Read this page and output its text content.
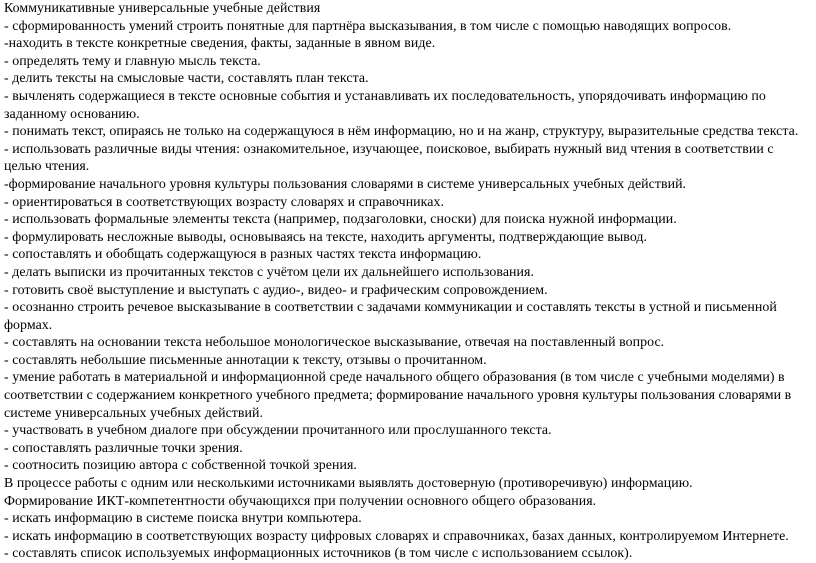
Коммуникативные универсальные учебные действия

- сформированность умений строить понятные для партнёра высказывания, в том числе с помощью наводящих вопросов.

-находить в тексте конкретные сведения, факты, заданные в явном виде.

- определять тему и главную мысль текста.

- делить тексты на смысловые части, составлять план текста.

- вычленять содержащиеся в тексте основные события и устанавливать их последовательность, упорядочивать информацию по заданному основанию.

- понимать текст, опираясь не только на содержащуюся в нём информацию, но и на жанр, структуру, выразительные средства текста.

- использовать различные виды чтения: ознакомительное, изучающее, поисковое, выбирать нужный вид чтения в соответствии с целью чтения.

-формирование начального уровня культуры пользования словарями в системе универсальных учебных действий.

- ориентироваться в соответствующих возрасту словарях и справочниках.

- использовать формальные элементы текста (например, подзаголовки, сноски) для поиска нужной информации.

- формулировать несложные выводы, основываясь на тексте, находить аргументы, подтверждающие вывод.

- сопоставлять и обобщать содержащуюся в разных частях текста информацию.

- делать выписки из прочитанных текстов с учётом цели их дальнейшего использования.

- готовить своё выступление и выступать с аудио-, видео- и графическим сопровождением.

- осознанно строить речевое высказывание в соответствии с задачами коммуникации и составлять тексты в устной и письменной формах.

- составлять на основании текста небольшое монологическое высказывание, отвечая на поставленный вопрос.

- составлять небольшие письменные аннотации к тексту, отзывы о прочитанном.

- умение работать в материальной и информационной среде начального общего образования (в том числе с учебными моделями) в соответствии с содержанием конкретного учебного предмета; формирование начального уровня культуры пользования словарями в системе универсальных учебных действий.

- участвовать в учебном диалоге при обсуждении прочитанного или прослушанного текста.

- сопоставлять различные точки зрения.

- соотносить позицию автора с собственной точкой зрения.

В процессе работы с одним или несколькими источниками выявлять достоверную (противоречивую) информацию.

Формирование ИКТ-компетентности обучающихся при получении основного общего образования.

- искать информацию в системе поиска внутри компьютера.

- искать информацию в соответствующих возрасту цифровых словарях и справочниках, базах данных, контролируемом Интернете.

- составлять список используемых информационных источников (в том числе с использованием ссылок).
